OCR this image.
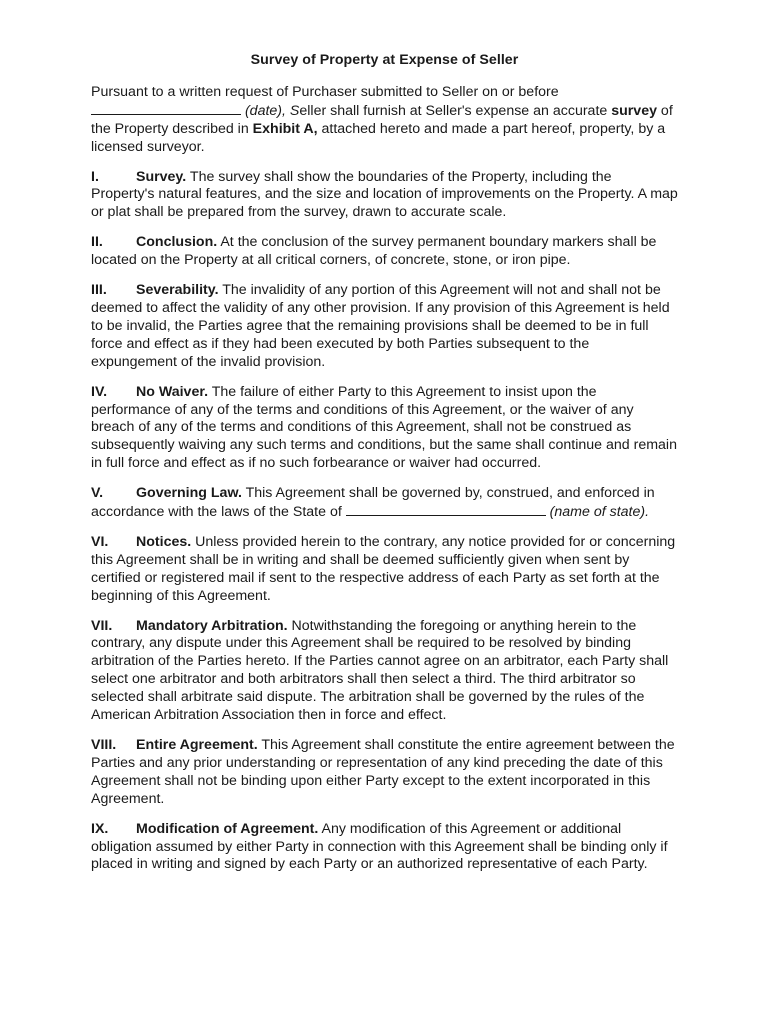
Survey of Property at Expense of Seller

Pursuant to a written request of Purchaser submitted to Seller on or before
(date), Seller shall furnish at Seller's expense an accurate survey of the Property described in Exhibit A, attached hereto and made a part hereof, property, by a licensed surveyor.

I.	Survey. The survey shall show the boundaries of the Property, including the Property's natural features, and the size and location of improvements on the Property. A map or plat shall be prepared from the survey, drawn to accurate scale.

II. Conclusion. At the conclusion of the survey permanent boundary markers shall be located on the Property at all critical corners, of concrete, stone, or iron pipe.

III. Severability. The invalidity of any portion of this Agreement will not and shall not be deemed to affect the validity of any other provision. If any provision of this Agreement is held to be invalid, the Parties agree that the remaining provisions shall be deemed to be in full force and effect as if they had been executed by both Parties subsequent to the expungement of the invalid provision.

IV. No Waiver. The failure of either Party to this Agreement to insist upon the performance of any of the terms and conditions of this Agreement, or the waiver of any breach of any of the terms and conditions of this Agreement, shall not be construed as subsequently waiving any such terms and conditions, but the same shall continue and remain in full force and effect as if no such forbearance or waiver had occurred.

V. Governing Law. This Agreement shall be governed by, construed, and enforced in accordance with the laws of the State of	(name of state).

VI. Notices. Unless provided herein to the contrary, any notice provided for or concerning this Agreement shall be in writing and shall be deemed sufficiently given when sent by certified or registered mail if sent to the respective address of each Party as set forth at the beginning of this Agreement.

VII. Mandatory Arbitration. Notwithstanding the foregoing or anything herein to the contrary, any dispute under this Agreement shall be required to be resolved by binding arbitration of the Parties hereto. If the Parties cannot agree on an arbitrator, each Party shall select one arbitrator and both arbitrators shall then select a third. The third arbitrator so selected shall arbitrate said dispute. The arbitration shall be governed by the rules of the American Arbitration Association then in force and effect.

VIII. Entire Agreement. This Agreement shall constitute the entire agreement between the Parties and any prior understanding or representation of any kind preceding the date of this Agreement shall not be binding upon either Party except to the extent incorporated in this Agreement.

IX. Modification of Agreement. Any modification of this Agreement or additional obligation assumed by either Party in connection with this Agreement shall be binding only if placed in writing and signed by each Party or an authorized representative of each Party.
